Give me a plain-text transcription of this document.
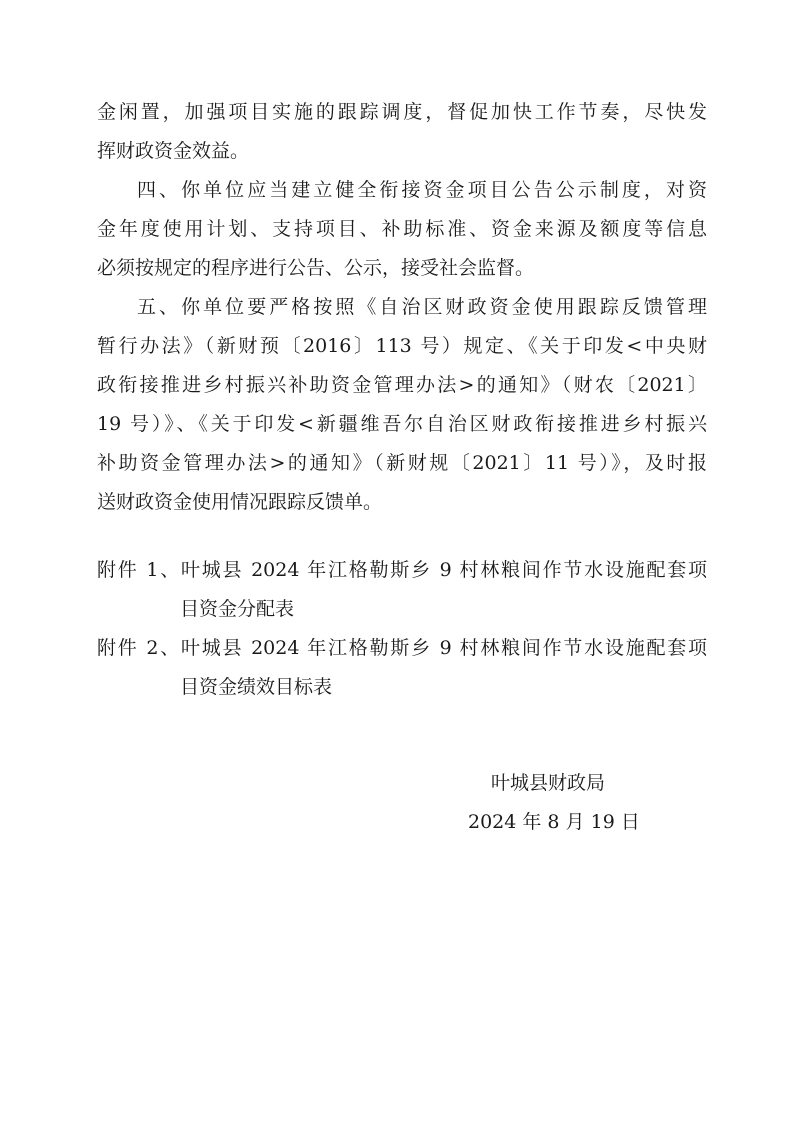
金闲置，加强项目实施的跟踪调度，督促加快工作节奏，尽快发
挥财政资金效益。
四、你单位应当建立健全衔接资金项目公告公示制度，对资
金年度使用计划、支持项目、补助标准、资金来源及额度等信息
必须按规定的程序进行公告、公示，接受社会监督。
五、你单位要严格按照《自治区财政资金使用跟踪反馈管理
暂行办法》（新财预〔2016〕113 号）规定、《关于印发<中央财
政衔接推进乡村振兴补助资金管理办法>的通知》（财农〔2021〕
19 号）》、《关于印发<新疆维吾尔自治区财政衔接推进乡村振兴
补助资金管理办法>的通知》（新财规〔2021〕11 号）》，及时报
送财政资金使用情况跟踪反馈单。
附件 1、叶城县 2024 年江格勒斯乡 9 村林粮间作节水设施配套项
目资金分配表
附件 2、叶城县 2024 年江格勒斯乡 9 村林粮间作节水设施配套项
目资金绩效目标表
叶城县财政局
2024 年 8 月 19 日
